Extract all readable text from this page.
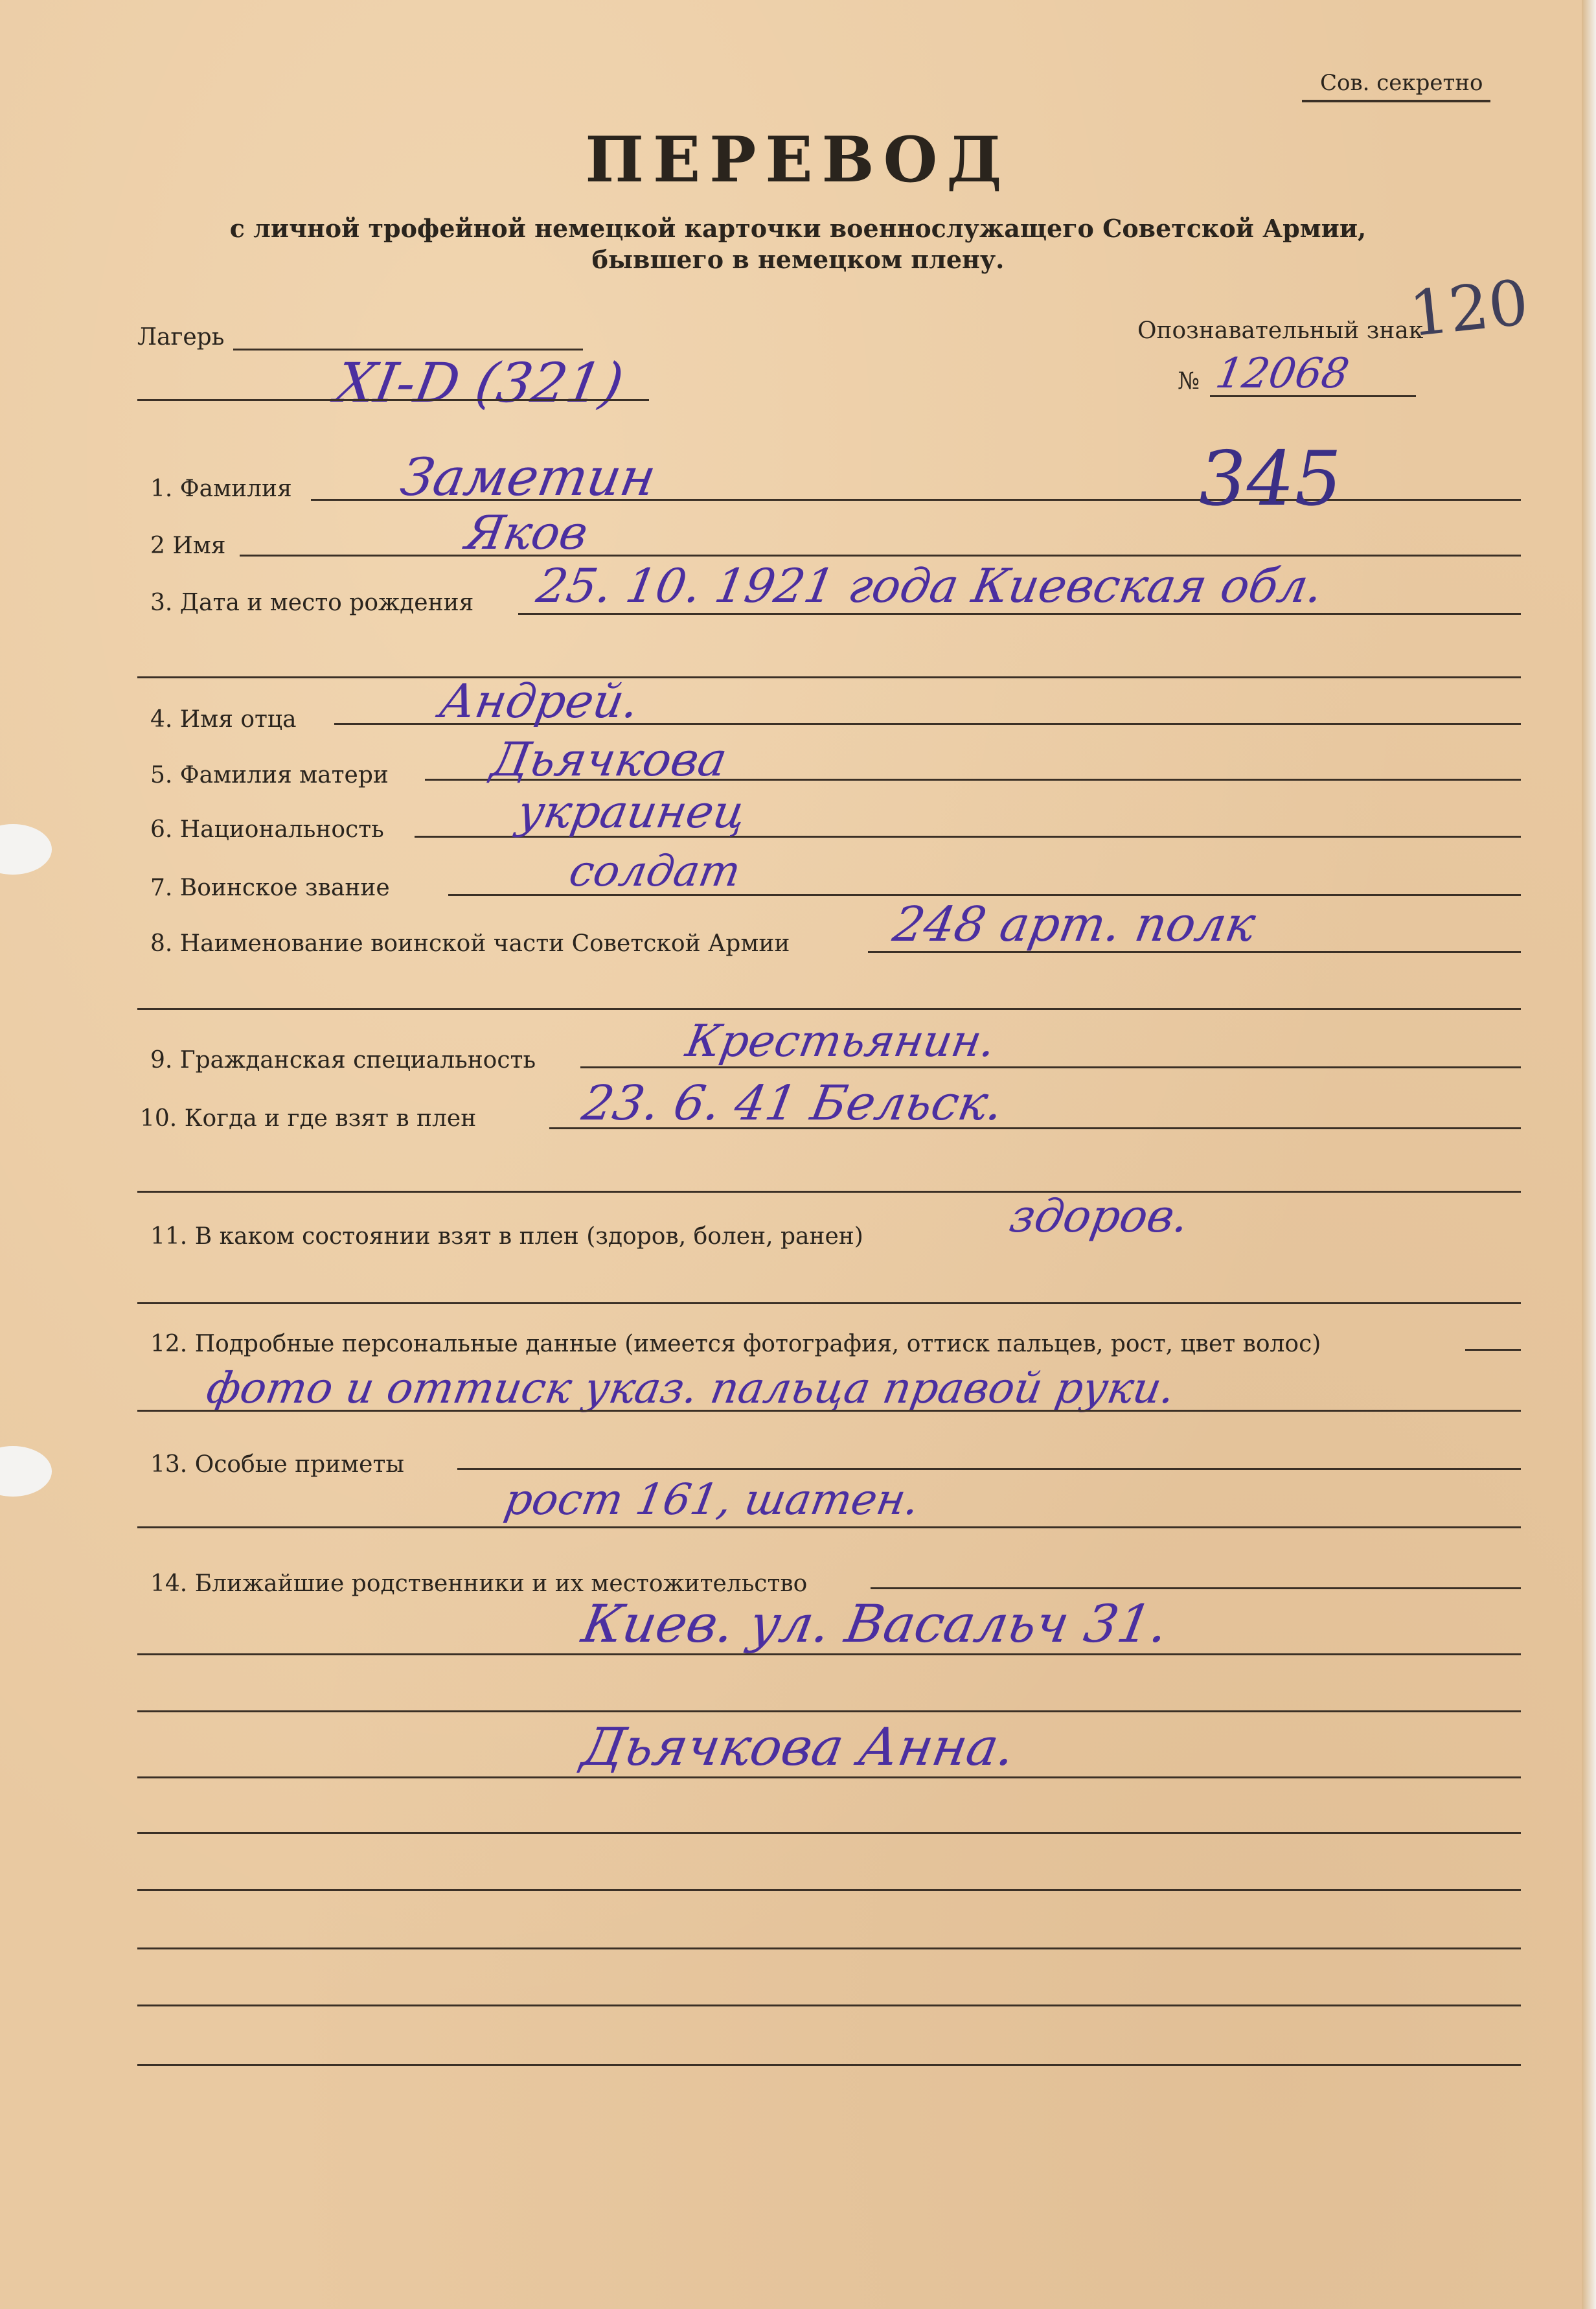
Сов. секретно
ПЕРЕВОД
с личной трофейной немецкой карточки военнослужащего Советской Армии,
бывшего в немецком плену.
Лагерь
XI-D (321)
Опознавательный знак
№ 12068
120
1. Фамилия Заметин	345
2 Имя	Яков
3. Дата и место рождения 25. 10. 1921 года Киевская обл.
4. Имя отца	Андрей.
5. Фамилия матери Дьячкова
6. Национальность	украинец
7. Воинское звание	солдат
8. Наименование воинской части Советской Армии 248 арт. полк
9. Гражданская специальность	Крестьянин.
10. Когда и где взят в плен 23. 6. 41 Бельск.
11. В каком состоянии взят в плен (здоров, болен, ранен)	здоров.
12. Подробные персональные данные (имеется фотография, оттиск пальцев, рост, цвет волос)
фото и оттиск указ. пальца правой руки.
13. Особые приметы
рост 161, шатен.
14. Ближайшие родственники и их местожительство
Киев. ул. Васальч 31.
Дьячкова Анна.
